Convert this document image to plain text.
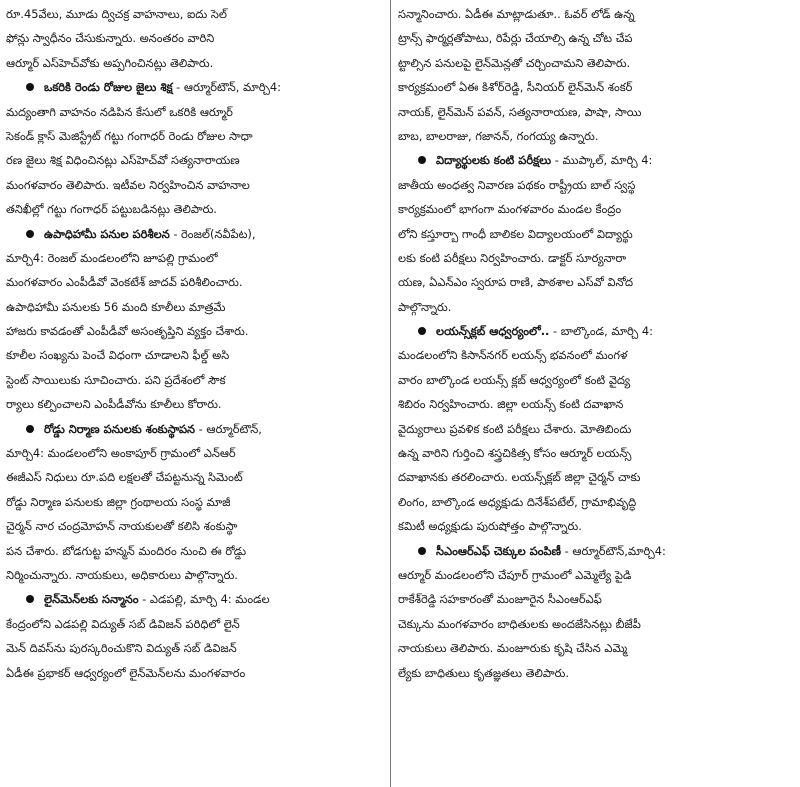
రూ.45వేలు, మూడు ద్విచక్ర వాహనాలు, ఐదు సెల్
ఫోన్లు స్వాధీనం చేసుకున్నారు. అనంతరం వారిని
ఆర్మూర్ ఎస్‌హెచ్‌వోకు అప్పగించినట్లు తెలిపారు.
ఒకరికి రెండు రోజుల జైలు శిక్ష - ఆర్మూర్‌టౌన్, మార్చి4:
మద్యంతాగి వాహనం నడిపిన కేసులో ఒకరికి ఆర్మూర్
సెకండ్ క్లాస్ మెజిస్ట్రేట్ గట్టు గంగాధర్ రెండు రోజుల సాధా
రణ జైలు శిక్ష విధించినట్లు ఎస్‌హెచ్‌వో సత్యనారాయణ
మంగళవారం తెలిపారు. ఇటీవల నిర్వహించిన వాహనాల
తనిఖీల్లో గట్టు గంగాధర్ పట్టుబడినట్లు తెలిపారు.
ఉపాధిహామీ పనుల పరిశీలన - రెంజల్(నవీపేట),
మార్చి4: రెంజల్ మండలంలోని జూపల్లి గ్రామంలో
మంగళవారం ఎంపీడీవో వెంకటేశ్ జాదవ్ పరిశీలించారు.
ఉపాధిహామీ పనులకు 56 మంది కూలీలు మాత్రమే
హాజరు కావడంతో ఎంపీడీవో అసంతృప్తిని వ్యక్తం చేశారు.
కూలీల సంఖ్యను పెంచే విధంగా చూడాలని ఫీల్డ్ అసి
స్టెంట్ సాయిలుకు సూచించారు. పని ప్రదేశంలో సౌక
ర్యాలు కల్పించాలని ఎంపీడీవోను కూలీలు కోరారు.
రోడ్డు నిర్మాణ పనులకు శంకుస్థాపన - ఆర్మూర్‌టౌన్,
మార్చి4: మండలంలోని అంకాపూర్ గ్రామంలో ఎన్‌ఆర్
ఈజీఎస్ నిధులు రూ.పది లక్షలతో చేపట్టనున్న సిమెంట్
రోడ్డు నిర్మాణ పనులకు జిల్లా గ్రంథాలయ సంస్థ మాజీ
చైర్మన్ నార చంద్రమోహన్ నాయకులతో కలిసి శంకుస్థా
పన చేశారు. బోడగుట్ట హన్మన్ మందిరం నుంచి ఈ రోడ్డు
నిర్మించున్నారు. నాయకులు, అధికారులు పాల్గొన్నారు.
లైన్‌మెన్‌లకు సన్మానం - ఎడపల్లి, మార్చి 4: మండల
కేంద్రంలోని ఎడపల్లి విద్యుత్ సబ్ డివిజన్ పరిధిలో లైన్
మెన్ దివస్‌ను పురస్కరించుకొని విద్యుత్ సబ్ డివిజన్
ఏడీఈ ప్రభాకర్ ఆధ్వర్యంలో లైన్‌మెన్‌లను మంగళవారం
సన్మానించారు. ఏడీఈ మాట్లాడుతూ.. ఓవర్ లోడ్ ఉన్న
ట్రాన్స్ ఫార్మర్లతోపాటు, రిపేర్లు చేయాల్సి ఉన్న చోట చేప
ట్టాల్సిన పనులపై లైన్‌మెన్లతో చర్చించామని తెలిపారు.
కార్యక్రమంలో ఏఈ కిశోర్‌రెడ్డి, సీనియర్ లైన్‌మెన్ శంకర్
నాయక్, లైన్‌మెన్ పవన్, సత్యనారాయణ, పాషా, సాయి
బాబ, బాలరాజు, గజానన్, గంగయ్య ఉన్నారు.
విద్యార్థులకు కంటి పరీక్షలు - ముప్కాల్, మార్చి 4:
జాతీయ అంధత్వ నివారణ పథకం రాష్ట్రీయ బాల్ స్వస్థ
కార్యక్రమంలో భాగంగా మంగళవారం మండల కేంద్రం
లోని కస్తూర్బా గాంధీ బాలికల విద్యాలయంలో విద్యార్థు
లకు కంటి పరీక్షలు నిర్వహించారు. డాక్టర్ సూర్యనారా
యణ, ఏఎన్‌ఎం స్వరూప రాణి, పాఠశాల ఎస్‌వో వినోద
పాల్గొన్నారు.
లయన్స్‌క్లబ్ ఆధ్వర్యంలో.. - బాల్కొండ, మార్చి 4:
మండలంలోని కిసాన్‌నగర్ లయన్స్ భవనంలో మంగళ
వారం బాల్కొండ లయన్స్ క్లబ్ ఆధ్వర్యంలో కంటి వైద్య
శిబిరం నిర్వహించారు. జిల్లా లయన్స్ కంటి దవాఖాన
వైద్యురాలు ప్రవళిక కంటి పరీక్షలు చేశారు. మోతిబిందు
ఉన్న వారిని గుర్తించి శస్త్రచికిత్స కోసం ఆర్మూర్ లయన్స్
దవాఖానకు తరలించారు. లయన్స్‌క్లబ్ జిల్లా చైర్మన్ చాకు
లింగం, బాల్కొండ అధ్యక్షుడు దినేశ్‌పటేల్, గ్రామాభివృద్ధి
కమిటీ అధ్యక్షుడు పురుషోత్తం పాల్గొన్నారు.
సీఎంఆర్‌ఎఫ్ చెక్కుల పంపిణీ - ఆర్మూర్‌టౌన్,మార్చి4:
ఆర్మూర్ మండలంలోని చేపూర్ గ్రామంలో ఎమ్మెల్యే పైడి
రాకేశ్‌రెడ్డి సహకారంతో మంజూరైన సీఎంఆర్‌ఎఫ్
చెక్కును మంగళవారం బాధితులకు అందజేసినట్లు బీజేపీ
నాయకులు తెలిపారు. మంజూరుకు కృషి చేసిన ఎమ్మె
ల్యేకు బాధితులు కృతజ్ఞతలు తెలిపారు.
